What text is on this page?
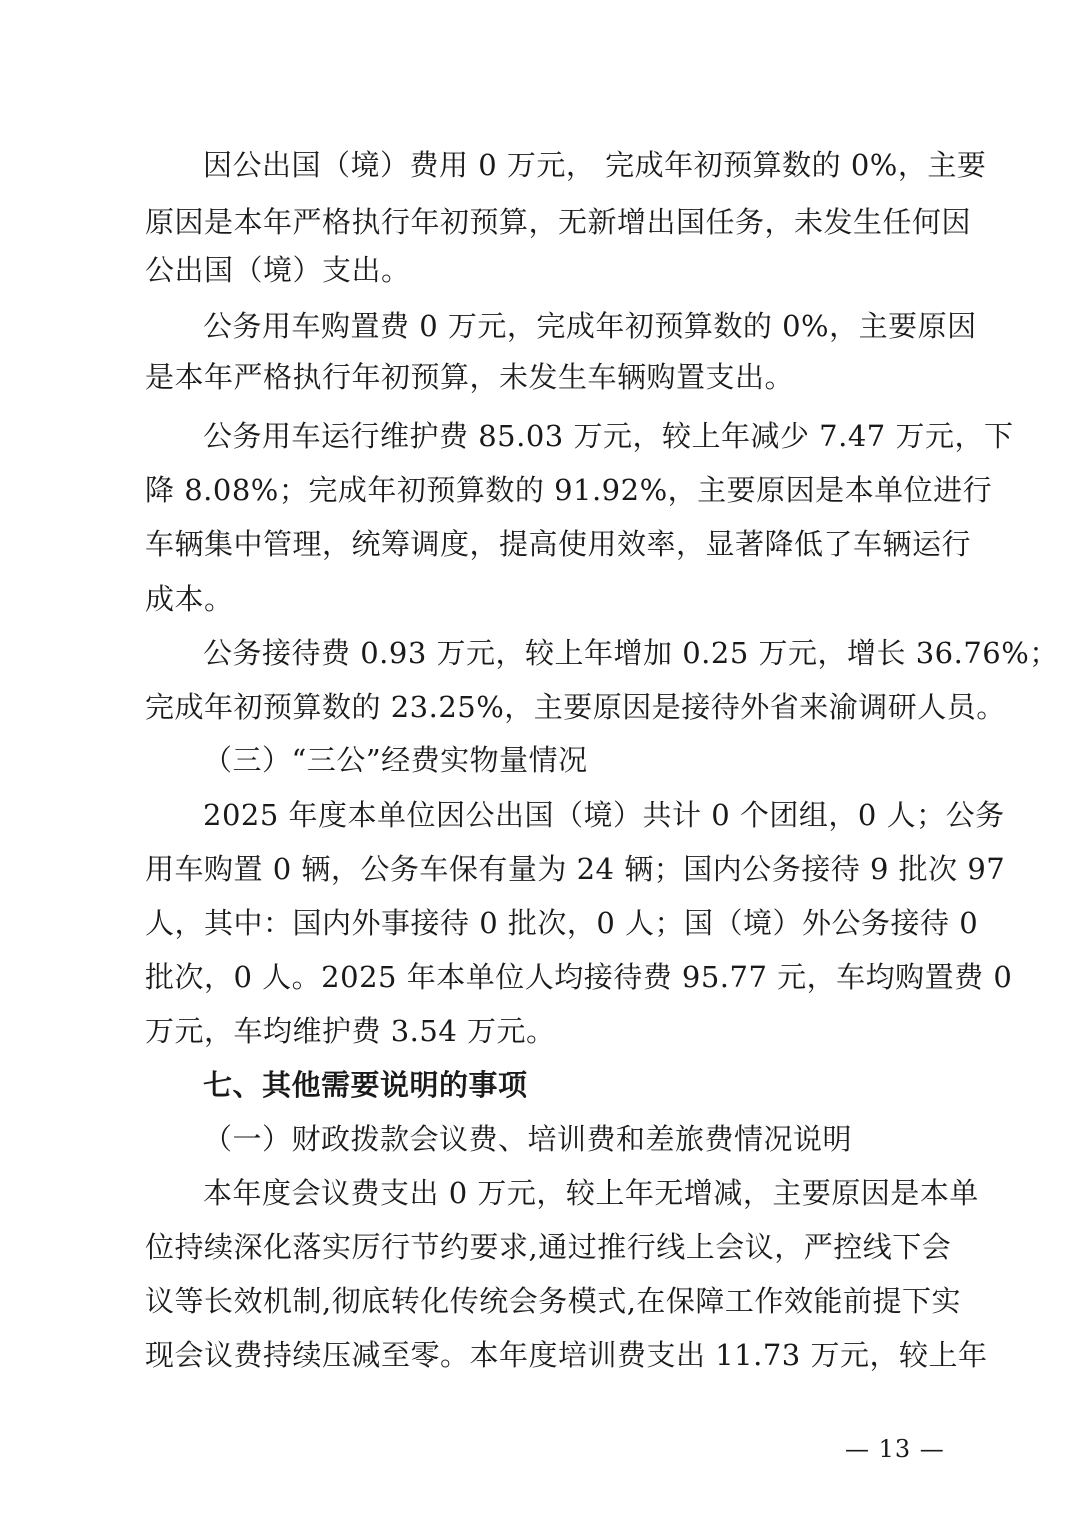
因公出国（境）费用 0 万元， 完成年初预算数的 0%，主要
原因是本年严格执行年初预算，无新增出国任务，未发生任何因
公出国（境）支出。
公务用车购置费 0 万元，完成年初预算数的 0%，主要原因
是本年严格执行年初预算，未发生车辆购置支出。
公务用车运行维护费 85.03 万元，较上年减少 7.47 万元，下
降 8.08%；完成年初预算数的 91.92%，主要原因是本单位进行
车辆集中管理，统筹调度，提高使用效率，显著降低了车辆运行
成本。
公务接待费 0.93 万元，较上年增加 0.25 万元，增长 36.76%；
完成年初预算数的 23.25%，主要原因是接待外省来渝调研人员。
（三）“三公”经费实物量情况
2025 年度本单位因公出国（境）共计 0 个团组，0 人；公务
用车购置 0 辆，公务车保有量为 24 辆；国内公务接待 9 批次 97
人，其中：国内外事接待 0 批次，0 人；国（境）外公务接待 0
批次，0 人。2025 年本单位人均接待费 95.77 元，车均购置费 0
万元，车均维护费 3.54 万元。
七、其他需要说明的事项
（一）财政拨款会议费、培训费和差旅费情况说明
本年度会议费支出 0 万元，较上年无增减，主要原因是本单
位持续深化落实厉行节约要求,通过推行线上会议，严控线下会
议等长效机制,彻底转化传统会务模式,在保障工作效能前提下实
现会议费持续压减至零。本年度培训费支出 11.73 万元，较上年
— 13 —
